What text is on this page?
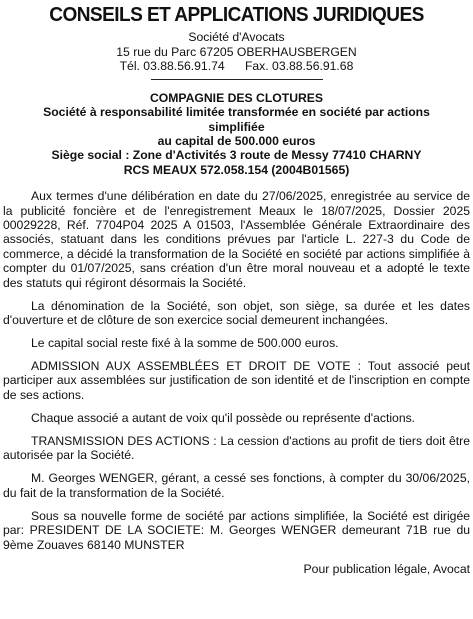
CONSEILS ET APPLICATIONS JURIDIQUES
Société d'Avocats
15 rue du Parc 67205 OBERHAUSBERGEN
Tél. 03.88.56.91.74      Fax. 03.88.56.91.68
COMPAGNIE DES CLOTURES
Société à responsabilité limitée transformée en société par actions
simplifiée
au capital de 500.000 euros
Siège social : Zone d'Activités 3 route de Messy 77410 CHARNY
RCS MEAUX 572.058.154 (2004B01565)

Aux termes d'une délibération en date du 27/06/2025, enregistrée au service de la publicité foncière et de l'enregistrement Meaux le 18/07/2025, Dossier 2025 00029228, Réf. 7704P04 2025 A 01503, l'Assemblée Générale Extraordinaire des associés, statuant dans les conditions prévues par l'article L. 227-3 du Code de commerce, a décidé la transformation de la Société en société par actions simplifiée à compter du 01/07/2025, sans création d'un être moral nouveau et a adopté le texte des statuts qui régiront désormais la Société.

La dénomination de la Société, son objet, son siège, sa durée et les dates d'ouverture et de clôture de son exercice social demeurent inchangées.

Le capital social reste fixé à la somme de 500.000 euros.

ADMISSION AUX ASSEMBLÉES ET DROIT DE VOTE : Tout associé peut participer aux assemblées sur justification de son identité et de l'inscription en compte de ses actions.

Chaque associé a autant de voix qu'il possède ou représente d'actions.

TRANSMISSION DES ACTIONS : La cession d'actions au profit de tiers doit être autorisée par la Société.

M. Georges WENGER, gérant, a cessé ses fonctions, à compter du 30/06/2025, du fait de la transformation de la Société.

Sous sa nouvelle forme de société par actions simplifiée, la Société est dirigée par: PRESIDENT DE LA SOCIETE: M. Georges WENGER demeurant 71B rue du 9ème Zouaves 68140 MUNSTER

Pour publication légale, Avocat
